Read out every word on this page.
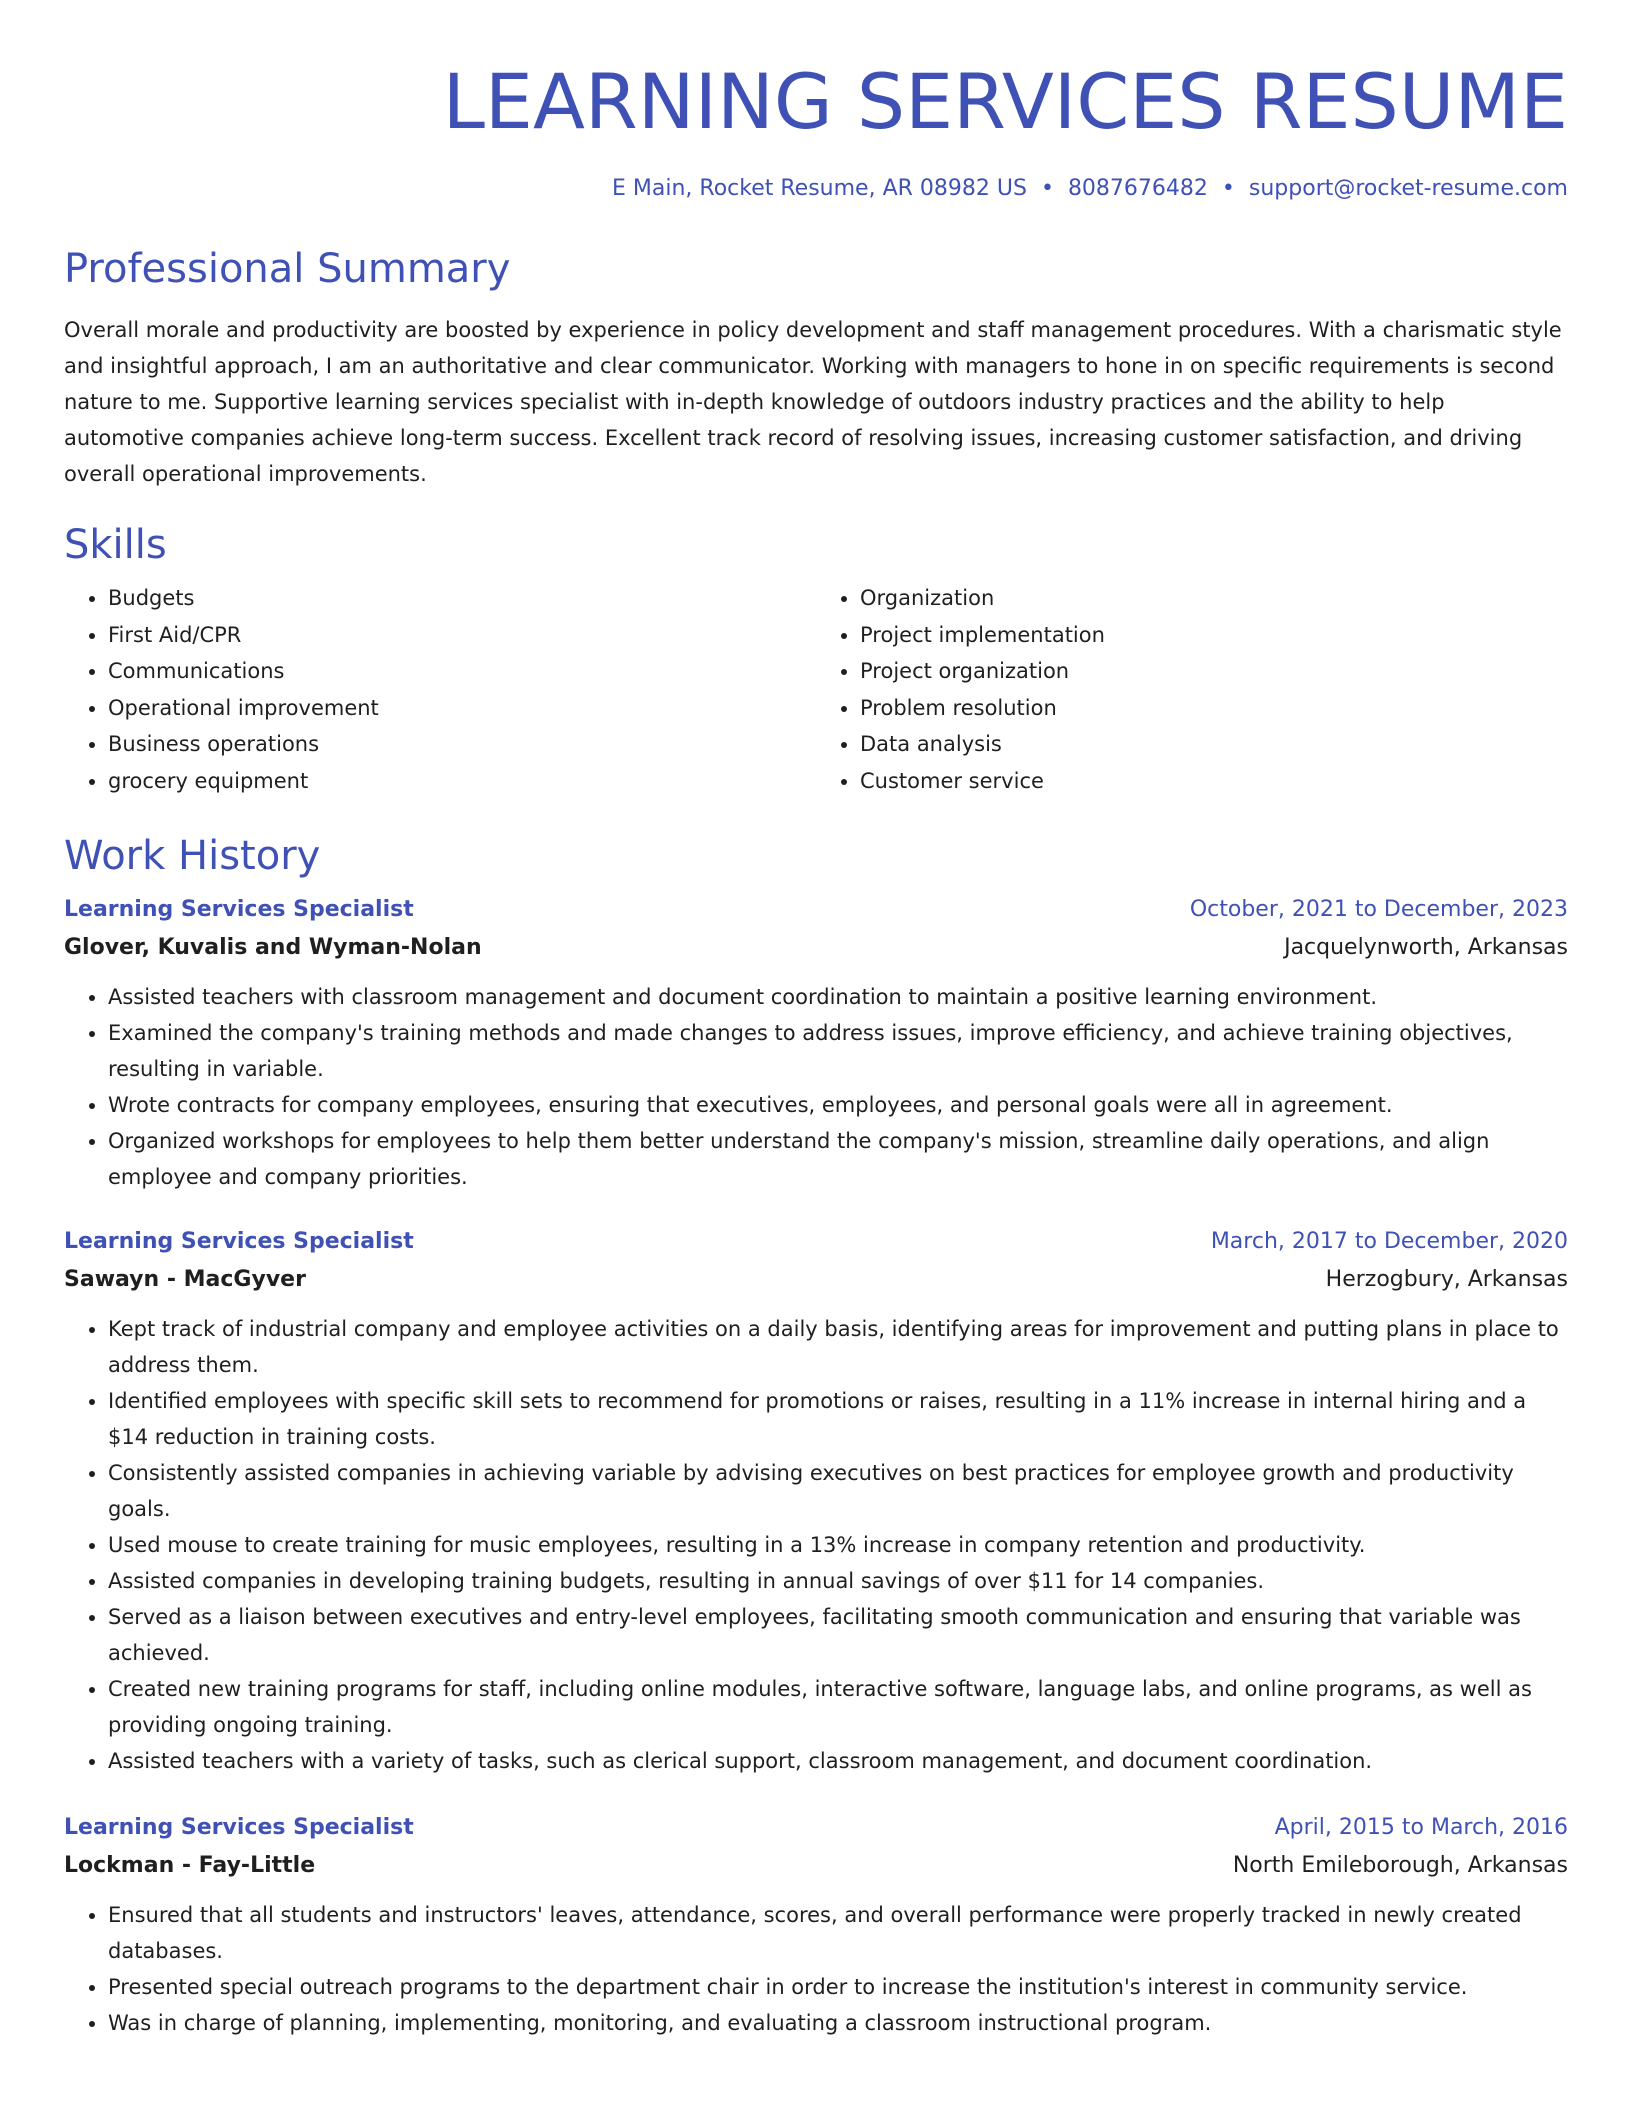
LEARNING SERVICES RESUME
E Main, Rocket Resume, AR 08982 US • 8087676482 • support@rocket-resume.com
Professional Summary
Overall morale and productivity are boosted by experience in policy development and staff management procedures. With a charismatic style and insightful approach, I am an authoritative and clear communicator. Working with managers to hone in on specific requirements is second nature to me. Supportive learning services specialist with in-depth knowledge of outdoors industry practices and the ability to help automotive companies achieve long-term success. Excellent track record of resolving issues, increasing customer satisfaction, and driving overall operational improvements.
Skills
• Budgets
• First Aid/CPR
• Communications
• Operational improvement
• Business operations
• grocery equipment
• Organization
• Project implementation
• Project organization
• Problem resolution
• Data analysis
• Customer service
Work History
Learning Services Specialist	October, 2021 to December, 2023
Glover, Kuvalis and Wyman-Nolan	Jacquelynworth, Arkansas
• Assisted teachers with classroom management and document coordination to maintain a positive learning environment.
• Examined the company's training methods and made changes to address issues, improve efficiency, and achieve training objectives, resulting in variable.
• Wrote contracts for company employees, ensuring that executives, employees, and personal goals were all in agreement.
• Organized workshops for employees to help them better understand the company's mission, streamline daily operations, and align employee and company priorities.
Learning Services Specialist	March, 2017 to December, 2020
Sawayn - MacGyver	Herzogbury, Arkansas
• Kept track of industrial company and employee activities on a daily basis, identifying areas for improvement and putting plans in place to address them.
• Identified employees with specific skill sets to recommend for promotions or raises, resulting in a 11% increase in internal hiring and a $14 reduction in training costs.
• Consistently assisted companies in achieving variable by advising executives on best practices for employee growth and productivity goals.
• Used mouse to create training for music employees, resulting in a 13% increase in company retention and productivity.
• Assisted companies in developing training budgets, resulting in annual savings of over $11 for 14 companies.
• Served as a liaison between executives and entry-level employees, facilitating smooth communication and ensuring that variable was achieved.
• Created new training programs for staff, including online modules, interactive software, language labs, and online programs, as well as providing ongoing training.
• Assisted teachers with a variety of tasks, such as clerical support, classroom management, and document coordination.
Learning Services Specialist	April, 2015 to March, 2016
Lockman - Fay-Little	North Emileborough, Arkansas
• Ensured that all students and instructors' leaves, attendance, scores, and overall performance were properly tracked in newly created databases.
• Presented special outreach programs to the department chair in order to increase the institution's interest in community service.
• Was in charge of planning, implementing, monitoring, and evaluating a classroom instructional program.
